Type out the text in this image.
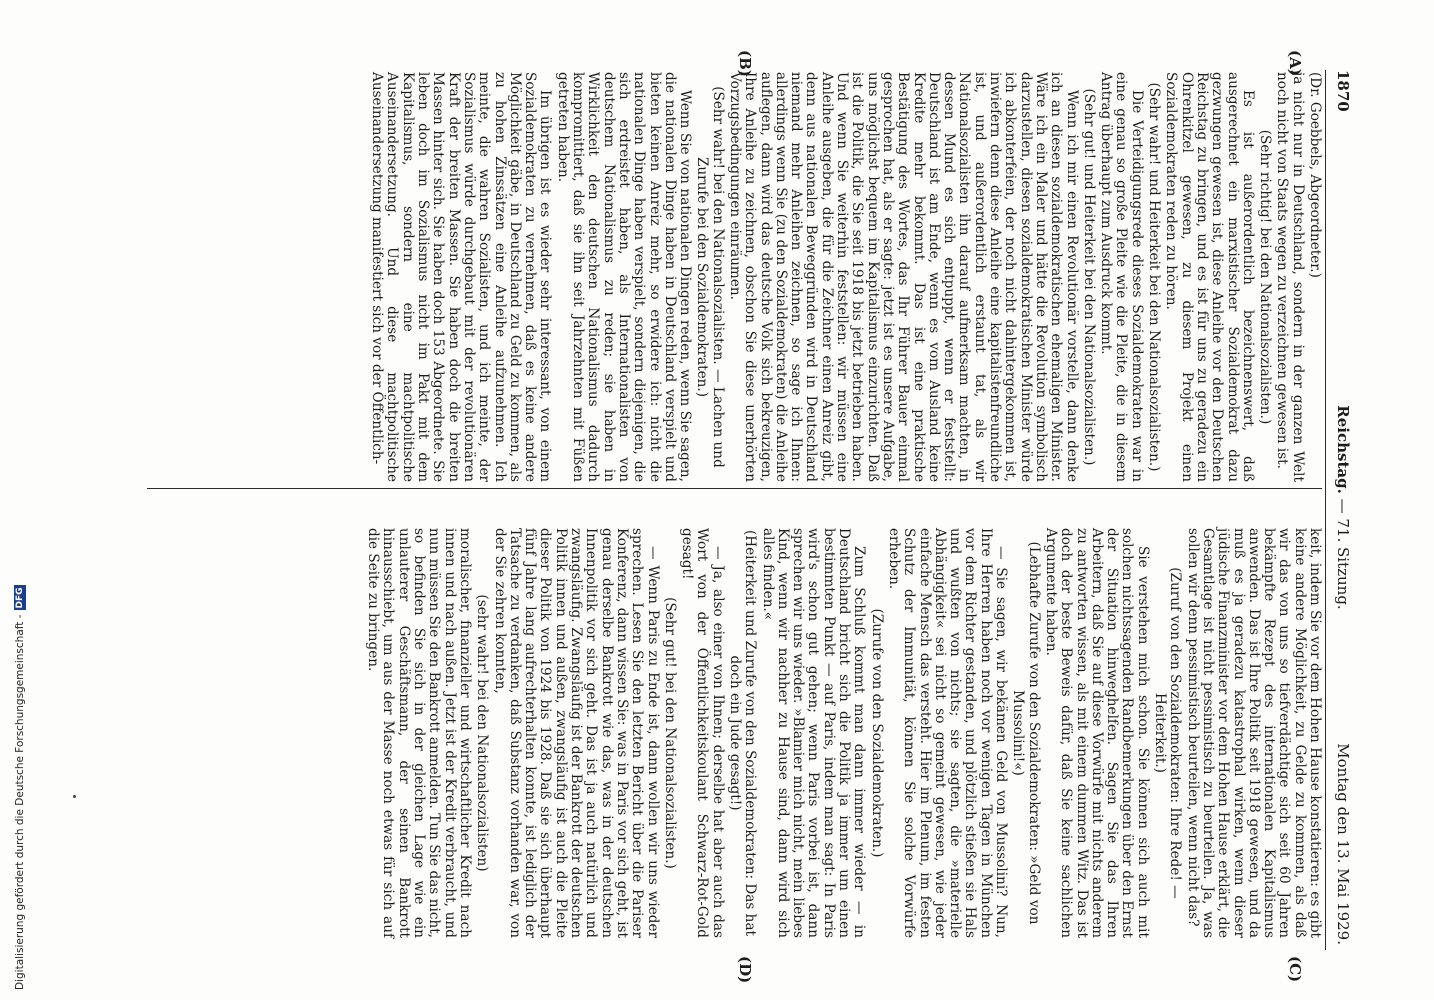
1870
Reichstag. — 71. Sitzung.
Montag den 13. Mai 1929.
(A)
(B)
(C)
(D)

(Dr. Goebbels, Abgeordneter.)

ja nicht nur in Deutschland, sondern in der ganzen Welt noch nicht von Staats wegen zu verzeichnen gewesen ist.

(Sehr richtig! bei den Nationalsozialisten.)

Es ist außerordentlich bezeichnenswert, daß ausgerechnet ein marxistischer Sozialdemokrat dazu gezwungen gewesen ist, diese Anleihe vor den Deutschen Reichstag zu bringen, und es ist für uns zu geradezu ein Ohrenkitzel gewesen, zu diesem Projekt einen Sozialdemokraten reden zu hören.

(Sehr wahr! und Heiterkeit bei den Nationalsozialisten.)

Die Verteidigungsrede dieses Sozialdemokraten war in eine genau so große Pleite wie die Pleite, die in diesem Antrag überhaupt zum Ausdruck kommt.

(Sehr gut! und Heiterkeit bei den Nationalsozialisten.)

Wenn ich mir einen Revolutionär vorstelle, dann denke ich an diesen sozialdemokratischen ehemaligen Minister. Wäre ich ein Maler und hätte die Revolution symbolisch darzustellen, diesen sozialdemokratischen Minister würde ich abkonterfeien, der noch nicht dahintergekommen ist, inwiefern denn diese Anleihe eine kapitalistenfreundliche ist, und außerordentlich erstaunt tat, als wir Nationalsozialisten ihn darauf aufmerksam machten, in dessen Mund es sich entpuppt, wenn er feststellt: Deutschland ist am Ende, wenn es vom Ausland keine Kredite mehr bekommt. Das ist eine praktische Bestätigung des Wortes, das Ihr Führer Bauer einmal gesprochen hat, als er sagte: jetzt ist es unsere Aufgabe, uns möglichst bequem im Kapitalismus einzurichten. Daß ist die Politik, die Sie seit 1918 bis jetzt betrieben haben. Und wenn Sie weiterhin feststellen: wir müssen eine Anleihe ausgeben, die für die Zeichner einen Anreiz gibt, denn aus nationalen Beweggründen wird in Deutschland niemand mehr Anleihen zeichnen, so sage ich Ihnen: allerdings wenn Sie (zu den Sozialdemokraten) die Anleihe auflegen, dann wird das deutsche Volk sich bekreuzigen, Ihre Anleihe zu zeichnen, obschon Sie diese unerhörten Vorzugsbedingungen einräumen.

(Sehr wahr! bei den Nationalsozialisten. — Lachen und Zurufe bei den Sozialdemokraten.)

Wenn Sie von nationalen Dingen reden, wenn Sie sagen, die nationalen Dinge haben in Deutschland verspielt und bieten keinen Anreiz mehr, so erwidere ich: nicht die nationalen Dinge haben verspielt, sondern diejenigen, die sich erdreistet haben, als Internationalisten von deutschem Nationalismus zu reden; sie haben in Wirklichkeit den deutschen Nationalismus dadurch kompromittiert, daß sie ihn seit Jahrzehnten mit Füßen getreten haben.

Im übrigen ist es wieder sehr interessant, von einem Sozialdemokraten zu vernehmen, daß es keine andere Möglichkeit gäbe, in Deutschland zu Geld zu kommen, als zu hohen Zinssätzen eine Anleihe aufzunehmen. Ich meinte, die wahren Sozialisten, und ich meinte, der Sozialismus würde durchgebaut mit der revolutionären Kraft der breiten Massen. Sie haben doch die breiten Massen hinter sich. Sie haben doch 153 Abgeordnete. Sie leben doch im Sozialismus nicht im Pakt mit dem Kapitalismus, sondern eine machtpolitische Auseinandersetzung. Und diese machtpolitische Auseinandersetzung manifestiert sich vor der Öffentlich-

keit, indem Sie vor dem Hohen Hause konstatieren: es gibt keine andere Möglichkeit, zu Gelde zu kommen, als daß wir das von uns so tiefverdächtige sich seit 60 Jahren bekämpfte Rezept des internationalen Kapitalismus anwenden. Das ist Ihre Politik seit 1918 gewesen, und da muß es ja geradezu katastrophal wirken, wenn dieser jüdische Finanzminister vor dem Hohen Hause erklärt, die Gesamtlage ist nicht pessimistisch zu beurteilen. Ja, was sollen wir denn pessimistisch beurteilen, wenn nicht das?

(Zuruf von den Sozialdemokraten: Ihre Rede! — Heiterkeit.)

Sie verstehen mich schon. Sie können sich auch mit solchen nichtssagenden Randbemerkungen über den Ernst der Situation hinweghelfen. Sagen Sie das Ihren Arbeitern, daß Sie auf diese Vorwürfe mit nichts anderem zu antworten wissen, als mit einem dummen Witz. Das ist doch der beste Beweis dafür, daß Sie keine sachlichen Argumente haben.

(Lebhafte Zurufe von den Sozialdemokraten: »Geld von Mussolini!«)

— Sie sagen, wir bekämen Geld von Mussolini? Nun, Ihre Herren haben noch vor wenigen Tagen in München vor dem Richter gestanden, und plötzlich stießen sie Hals und wußten von nichts; sie sagten, die »materielle Abhängigkeit« sei nicht so gemeint gewesen, wie jeder einfache Mensch das versteht. Hier im Plenum, im festen Schutz der Immunität, können Sie solche Vorwürfe erheben.

(Zurufe von den Sozialdemokraten.)

Zum Schluß kommt man dann immer wieder — in Deutschland bricht sich die Politik ja immer um einen bestimmten Punkt — auf Paris, indem man sagt: In Paris wird's schon gut gehen; wenn Paris vorbei ist, dann sprechen wir uns wieder. »Blamier mich nicht, mein liebes Kind, wenn wir nachher zu Hause sind, dann wird sich alles finden.«

(Heiterkeit und Zurufe von den Sozialdemokraten: Das hat doch ein Jude gesagt!)

— Ja, also einer von Ihnen; derselbe hat aber auch das Wort von der Öffentlichkeitskoulant Schwarz-Rot-Gold gesagt!

(Sehr gut! bei den Nationalsozialisten.)

— Wenn Paris zu Ende ist, dann wollen wir uns wieder sprechen. Lesen Sie den letzten Bericht über die Pariser Konferenz, dann wissen Sie: was in Paris vor sich geht, ist genau derselbe Bankrott wie das, was in der deutschen Innenpolitik vor sich geht. Das ist ja auch natürlich und zwangsläufig. Zwangsläufig ist der Bankrott der deutschen Politik innen und außen, zwangsläufig ist auch die Pleite dieser Politik von 1924 bis 1928. Daß sie sich überhaupt fünf Jahre lang aufrechterhalten konnte, ist lediglich der Tatsache zu verdanken, daß Substanz vorhanden war, von der Sie zehren konnten,

(sehr wahr! bei den Nationalsozialisten)

moralischer, finanzieller und wirtschaftlicher Kredit nach innen und nach außen. Jetzt ist der Kredit verbraucht, und nun müssen Sie den Bankrott anmelden. Tun Sie das nicht, so befinden Sie sich in der gleichen Lage wie ein unlauterer Geschäftsmann, der seinen Bankrott hinausschiebt, um aus der Masse noch etwas für sich auf die Seite zu bringen.

Digitalisierung gefördert durch die Deutsche Forschungsgemeinschaft -DFG
